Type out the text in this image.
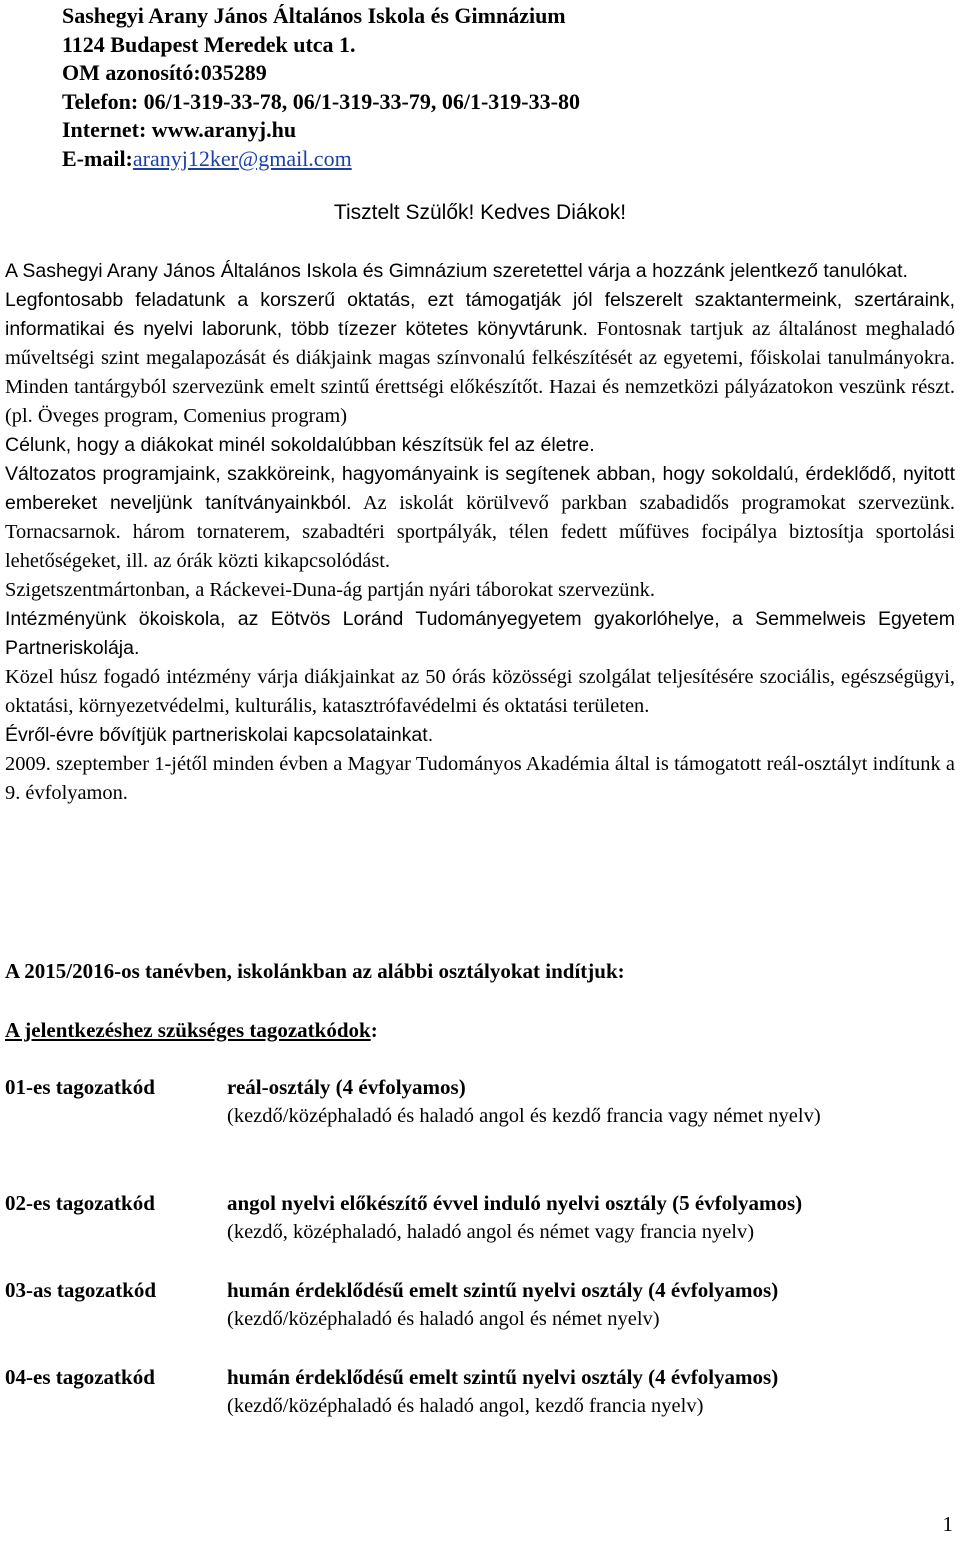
Sashegyi Arany János Általános Iskola és Gimnázium
1124 Budapest Meredek utca 1.
OM azonosító:035289
Telefon: 06/1-319-33-78, 06/1-319-33-79, 06/1-319-33-80
Internet: www.aranyj.hu
E-mail:aranyj12ker@gmail.com
Tisztelt Szülők! Kedves Diákok!

A Sashegyi Arany János Általános Iskola és Gimnázium szeretettel várja a hozzánk jelentkező tanulókat.

Legfontosabb feladatunk a korszerű oktatás, ezt támogatják jól felszerelt szaktantermeink, szertáraink, informatikai és nyelvi laborunk, több tízezer kötetes könyvtárunk. Fontosnak tartjuk az általánost meghaladó műveltségi szint megalapozását és diákjaink magas színvonalú felkészítését az egyetemi, főiskolai tanulmányokra. Minden tantárgyból szervezünk emelt szintű érettségi előkészítőt. Hazai és nemzetközi pályázatokon veszünk részt. (pl. Öveges program, Comenius program)

Célunk, hogy a diákokat minél sokoldalúbban készítsük fel az életre.

Változatos programjaink, szakköreink, hagyományaink is segítenek abban, hogy sokoldalú, érdeklődő, nyitott embereket neveljünk tanítványainkból. Az iskolát körülvevő parkban szabadidős programokat szervezünk. Tornacsarnok. három tornaterem, szabadtéri sportpályák, télen fedett műfüves focipálya biztosítja sportolási lehetőségeket, ill. az órák közti kikapcsolódást.

Szigetszentmártonban, a Ráckevei-Duna-ág partján nyári táborokat szervezünk.

Intézményünk ökoiskola, az Eötvös Loránd Tudományegyetem gyakorlóhelye, a Semmelweis Egyetem Partneriskolája.

Közel húsz fogadó intézmény várja diákjainkat az 50 órás közösségi szolgálat teljesítésére szociális, egészségügyi, oktatási, környezetvédelmi, kulturális, katasztrófavédelmi és oktatási területen.

Évről-évre bővítjük partneriskolai kapcsolatainkat.

2009. szeptember 1-jétől minden évben a Magyar Tudományos Akadémia által is támogatott reál-osztályt indítunk a 9. évfolyamon.

A 2015/2016-os tanévben, iskolánkban az alábbi osztályokat indítjuk:
A jelentkezéshez szükséges tagozatkódok:
01-es tagozatkód	reál-osztály (4 évfolyamos)
(kezdő/középhaladó és haladó angol és kezdő francia vagy német nyelv)
02-es tagozatkód	angol nyelvi előkészítő évvel induló nyelvi osztály (5 évfolyamos)
(kezdő, középhaladó, haladó angol és német vagy francia nyelv)
03-as tagozatkód	humán érdeklődésű emelt szintű nyelvi osztály (4 évfolyamos)
(kezdő/középhaladó és haladó angol és német nyelv)
04-es tagozatkód	humán érdeklődésű emelt szintű nyelvi osztály (4 évfolyamos)
(kezdő/középhaladó és haladó angol, kezdő francia nyelv)
1
